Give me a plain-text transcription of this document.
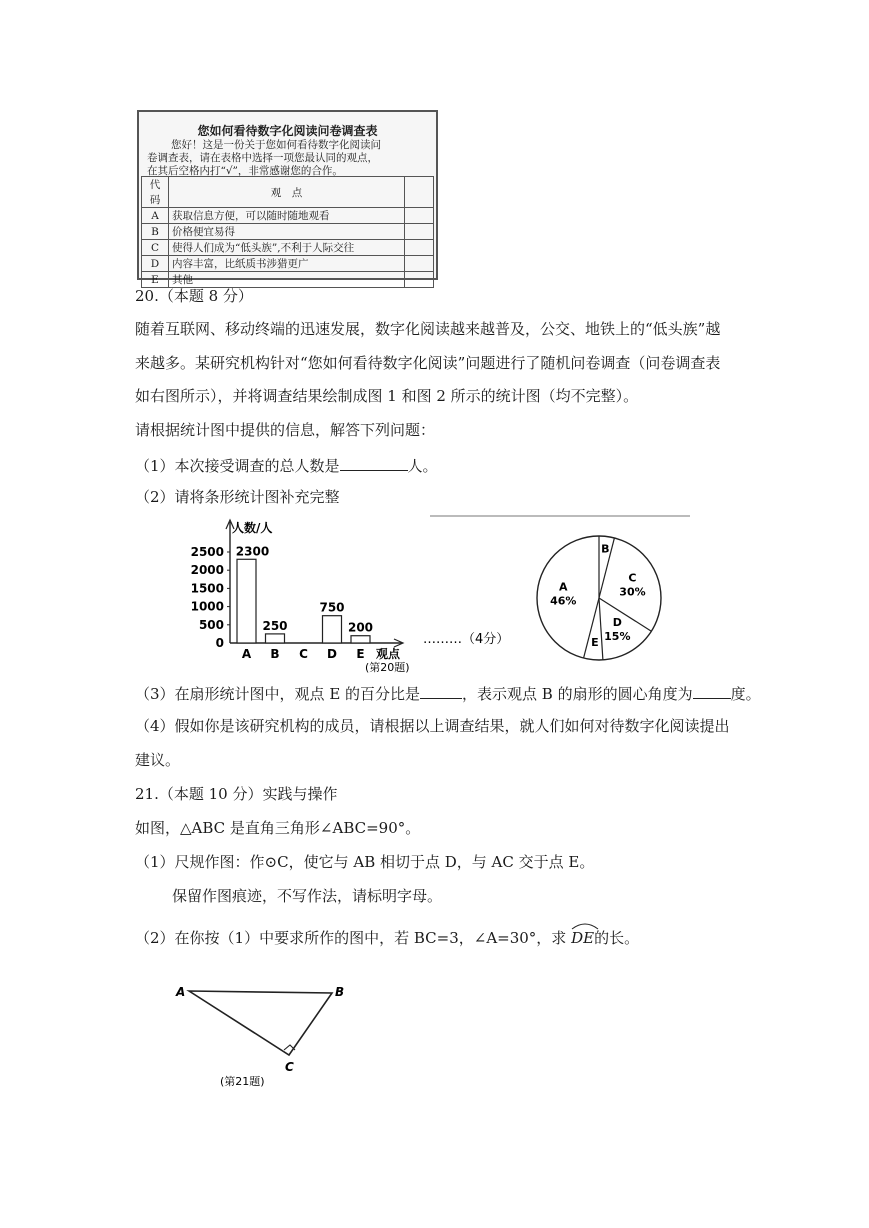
您如何看待数字化阅读问卷调查表
您好！这是一份关于您如何看待数字化阅读问
卷调查表，请在表格中选择一项您最认同的观点，
在其后空格内打“√”，非常感谢您的合作。
代码	观　点	
A	获取信息方便，可以随时随地观看	
B	价格便宜易得	
C	使得人们成为“低头族”,不利于人际交往	
D	内容丰富，比纸质书涉猎更广	
E	其他	
20.（本题 8 分）
随着互联网、移动终端的迅速发展，数字化阅读越来越普及，公交、地铁上的“低头族”越
来越多。某研究机构针对“您如何看待数字化阅读”问题进行了随机问卷调查（问卷调查表
如右图所示），并将调查结果绘制成图 1 和图 2 所示的统计图（均不完整）。
请根据统计图中提供的信息，解答下列问题：
（1）本次接受调查的总人数是	人。
（2）请将条形统计图补充完整
人数/人
观点
0
500
1000
1500
2000
2500 2300
A
250
B C
750
D
200
E
………（4分）
(第20题)
A
46%
B
C
30%
D
15%
E
（3）在扇形统计图中，观点 E 的百分比是	，表示观点 B 的扇形的圆心角度为	度。
（4）假如你是该研究机构的成员，请根据以上调查结果，就人们如何对待数字化阅读提出
建议。
21.（本题 10 分）实践与操作
如图，△ABC 是直角三角形∠ABC=90°。
（1）尺规作图：作⊙C，使它与 AB 相切于点 D，与 AC 交于点 E。
保留作图痕迹，不写作法，请标明字母。
（2）在你按（1）中要求所作的图中，若 BC=3，∠A=30°，求 DE的长。
A	B
C
(第21题)
